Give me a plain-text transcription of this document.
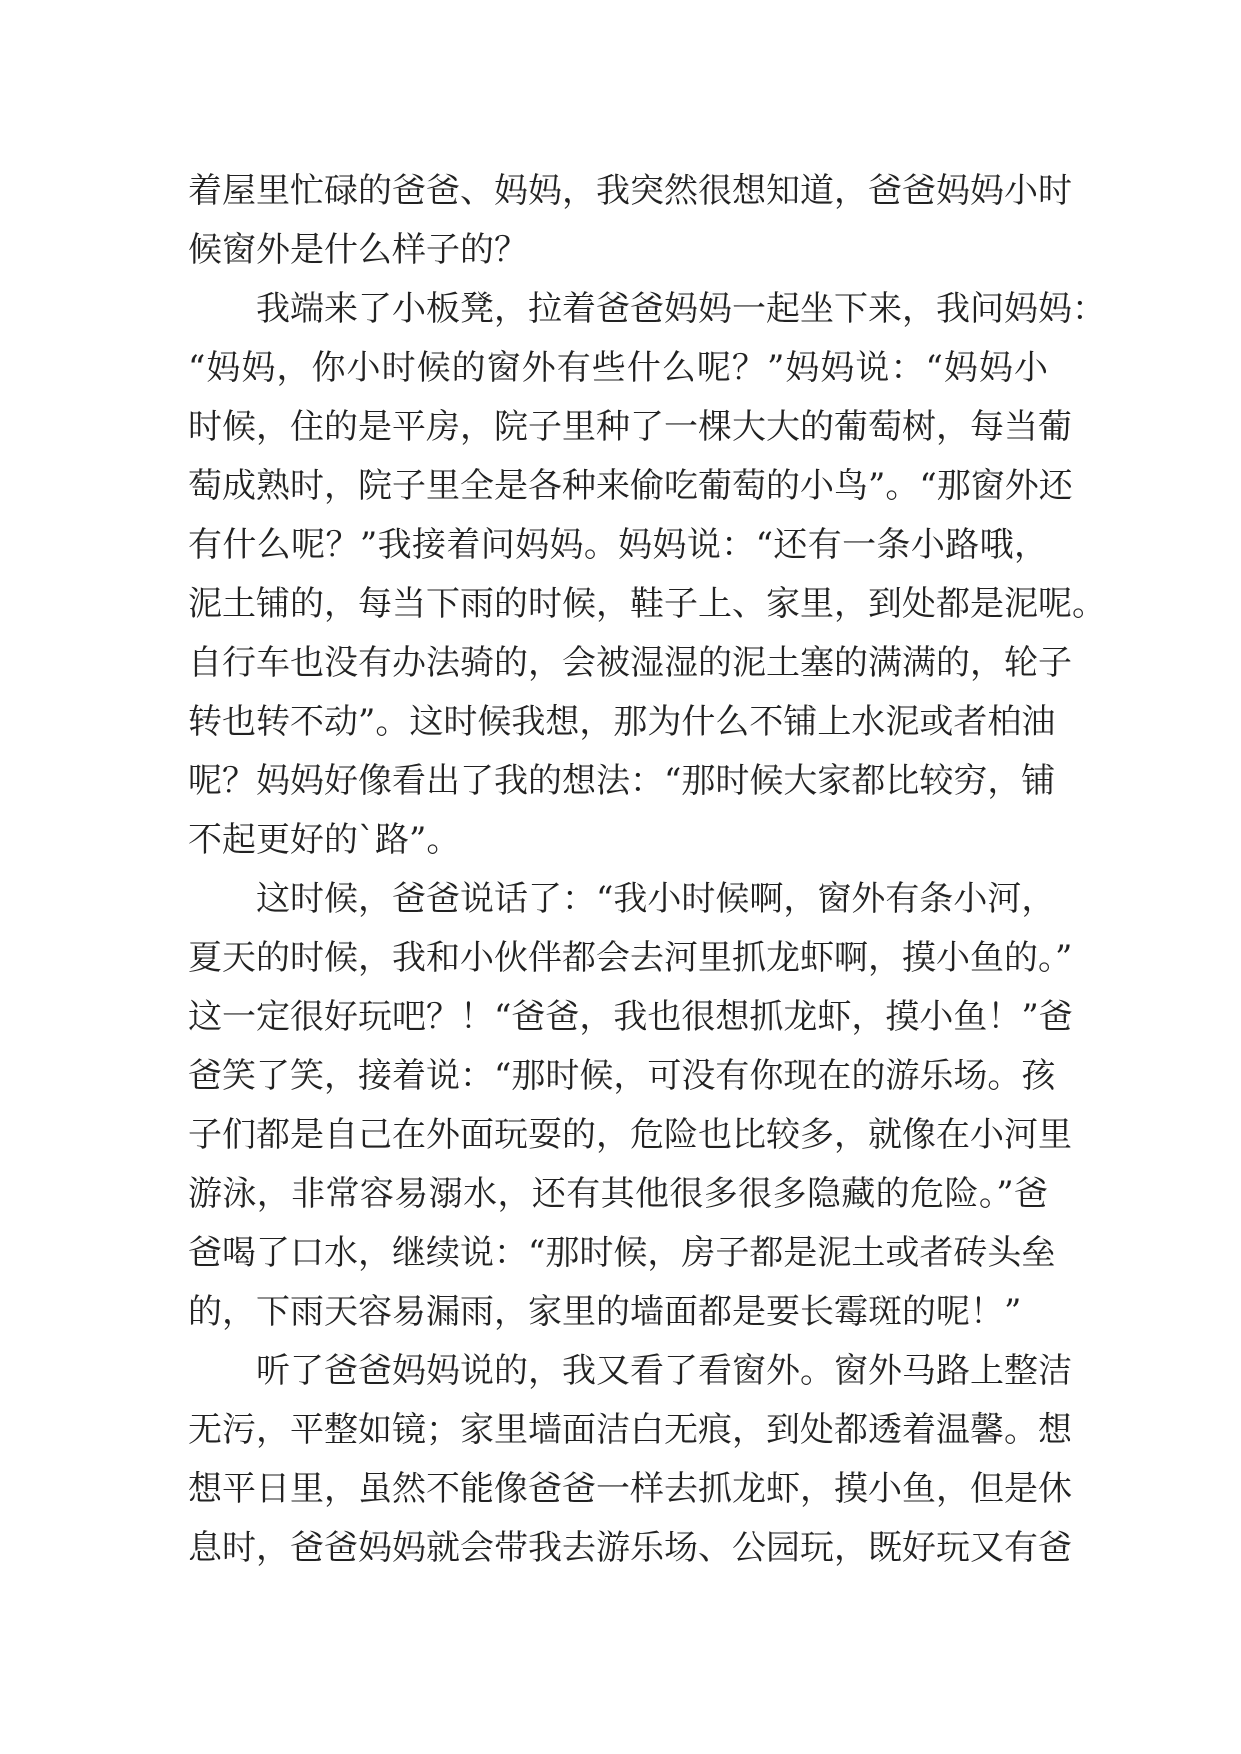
着屋里忙碌的爸爸、妈妈，我突然很想知道，爸爸妈妈小时
候窗外是什么样子的？
我端来了小板凳，拉着爸爸妈妈一起坐下来，我问妈妈：
“妈妈，你小时候的窗外有些什么呢？”妈妈说：“妈妈小
时候，住的是平房，院子里种了一棵大大的葡萄树，每当葡
萄成熟时，院子里全是各种来偷吃葡萄的小鸟”。“那窗外还
有什么呢？”我接着问妈妈。妈妈说：“还有一条小路哦，
泥土铺的，每当下雨的时候，鞋子上、家里，到处都是泥呢。
自行车也没有办法骑的，会被湿湿的泥土塞的满满的，轮子
转也转不动”。这时候我想，那为什么不铺上水泥或者柏油
呢？妈妈好像看出了我的想法：“那时候大家都比较穷，铺
不起更好的`路”。
这时候，爸爸说话了：“我小时候啊，窗外有条小河，
夏天的时候，我和小伙伴都会去河里抓龙虾啊，摸小鱼的。”
这一定很好玩吧？！“爸爸，我也很想抓龙虾，摸小鱼！”爸
爸笑了笑，接着说：“那时候，可没有你现在的游乐场。孩
子们都是自己在外面玩耍的，危险也比较多，就像在小河里
游泳，非常容易溺水，还有其他很多很多隐藏的危险。”爸
爸喝了口水，继续说：“那时候，房子都是泥土或者砖头垒
的，下雨天容易漏雨，家里的墙面都是要长霉斑的呢！”
听了爸爸妈妈说的，我又看了看窗外。窗外马路上整洁
无污，平整如镜；家里墙面洁白无痕，到处都透着温馨。想
想平日里，虽然不能像爸爸一样去抓龙虾，摸小鱼，但是休
息时，爸爸妈妈就会带我去游乐场、公园玩，既好玩又有爸
